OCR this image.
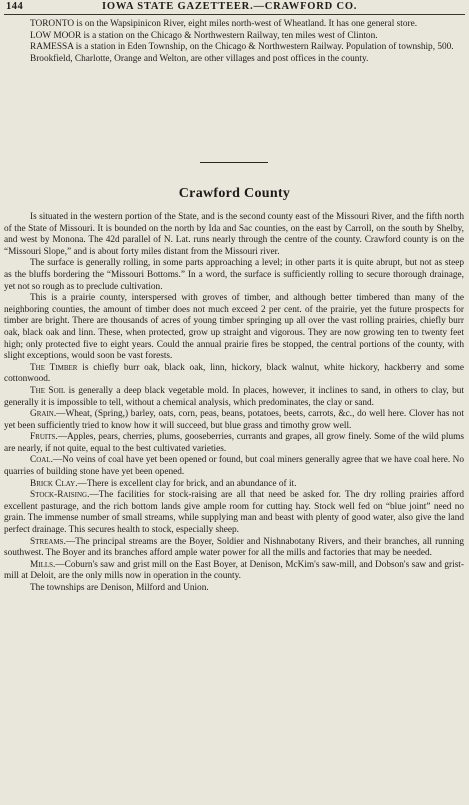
144	IOWA STATE GAZETTEER.—CRAWFORD CO.

TORONTO is on the Wapsipinicon River, eight miles north-west of Wheatland. It has one general store.

LOW MOOR is a station on the Chicago & Northwestern Railway, ten miles west of Clinton.

RAMESSA is a station in Eden Township, on the Chicago & Northwestern Railway. Population of township, 500.

Brookfield, Charlotte, Orange and Welton, are other villages and post offices in the county.

Crawford County

Is situated in the western portion of the State, and is the second county east of the Missouri River, and the fifth north of the State of Missouri. It is bounded on the north by Ida and Sac counties, on the east by Carroll, on the south by Shelby, and west by Monona. The 42d parallel of N. Lat. runs nearly through the centre of the county. Crawford county is on the “Missouri Slope,” and is about forty miles distant from the Missouri river.

The surface is generally rolling, in some parts approaching a level; in other parts it is quite abrupt, but not as steep as the bluffs bordering the “Missouri Bottoms.” In a word, the surface is sufficiently rolling to secure thorough drainage, yet not so rough as to preclude cultivation.

This is a prairie county, interspersed with groves of timber, and although better timbered than many of the neighboring counties, the amount of timber does not much exceed 2 per cent. of the prairie, yet the future prospects for timber are bright. There are thousands of acres of young timber springing up all over the vast rolling prairies, chiefly burr oak, black oak and linn. These, when protected, grow up straight and vigorous. They are now growing ten to twenty feet high; only protected five to eight years. Could the annual prairie fires be stopped, the central portions of the county, with slight exceptions, would soon be vast forests.

The Timber is chiefly burr oak, black oak, linn, hickory, black walnut, white hickory, hackberry and some cottonwood.

The Soil is generally a deep black vegetable mold. In places, however, it inclines to sand, in others to clay, but generally it is impossible to tell, without a chemical analysis, which predominates, the clay or sand.

Grain.—Wheat, (Spring,) barley, oats, corn, peas, beans, potatoes, beets, carrots, &c., do well here. Clover has not yet been sufficiently tried to know how it will succeed, but blue grass and timothy grow well.

Fruits.—Apples, pears, cherries, plums, gooseberries, currants and grapes, all grow finely. Some of the wild plums are nearly, if not quite, equal to the best cultivated varieties.

Coal.—No veins of coal have yet been opened or found, but coal miners generally agree that we have coal here. No quarries of building stone have yet been opened.

Brick Clay.—There is excellent clay for brick, and an abundance of it.

Stock-Raising.—The facilities for stock-raising are all that need be asked for. The dry rolling prairies afford excellent pasturage, and the rich bottom lands give ample room for cutting hay. Stock well fed on “blue joint” need no grain. The immense number of small streams, while supplying man and beast with plenty of good water, also give the land perfect drainage. This secures health to stock, especially sheep.

Streams.—The principal streams are the Boyer, Soldier and Nishnabotany Rivers, and their branches, all running southwest. The Boyer and its branches afford ample water power for all the mills and factories that may be needed.

Mills.—Coburn's saw and grist mill on the East Boyer, at Denison, McKim's saw-mill, and Dobson's saw and grist-mill at Deloit, are the only mills now in operation in the county.

The townships are Denison, Milford and Union.
